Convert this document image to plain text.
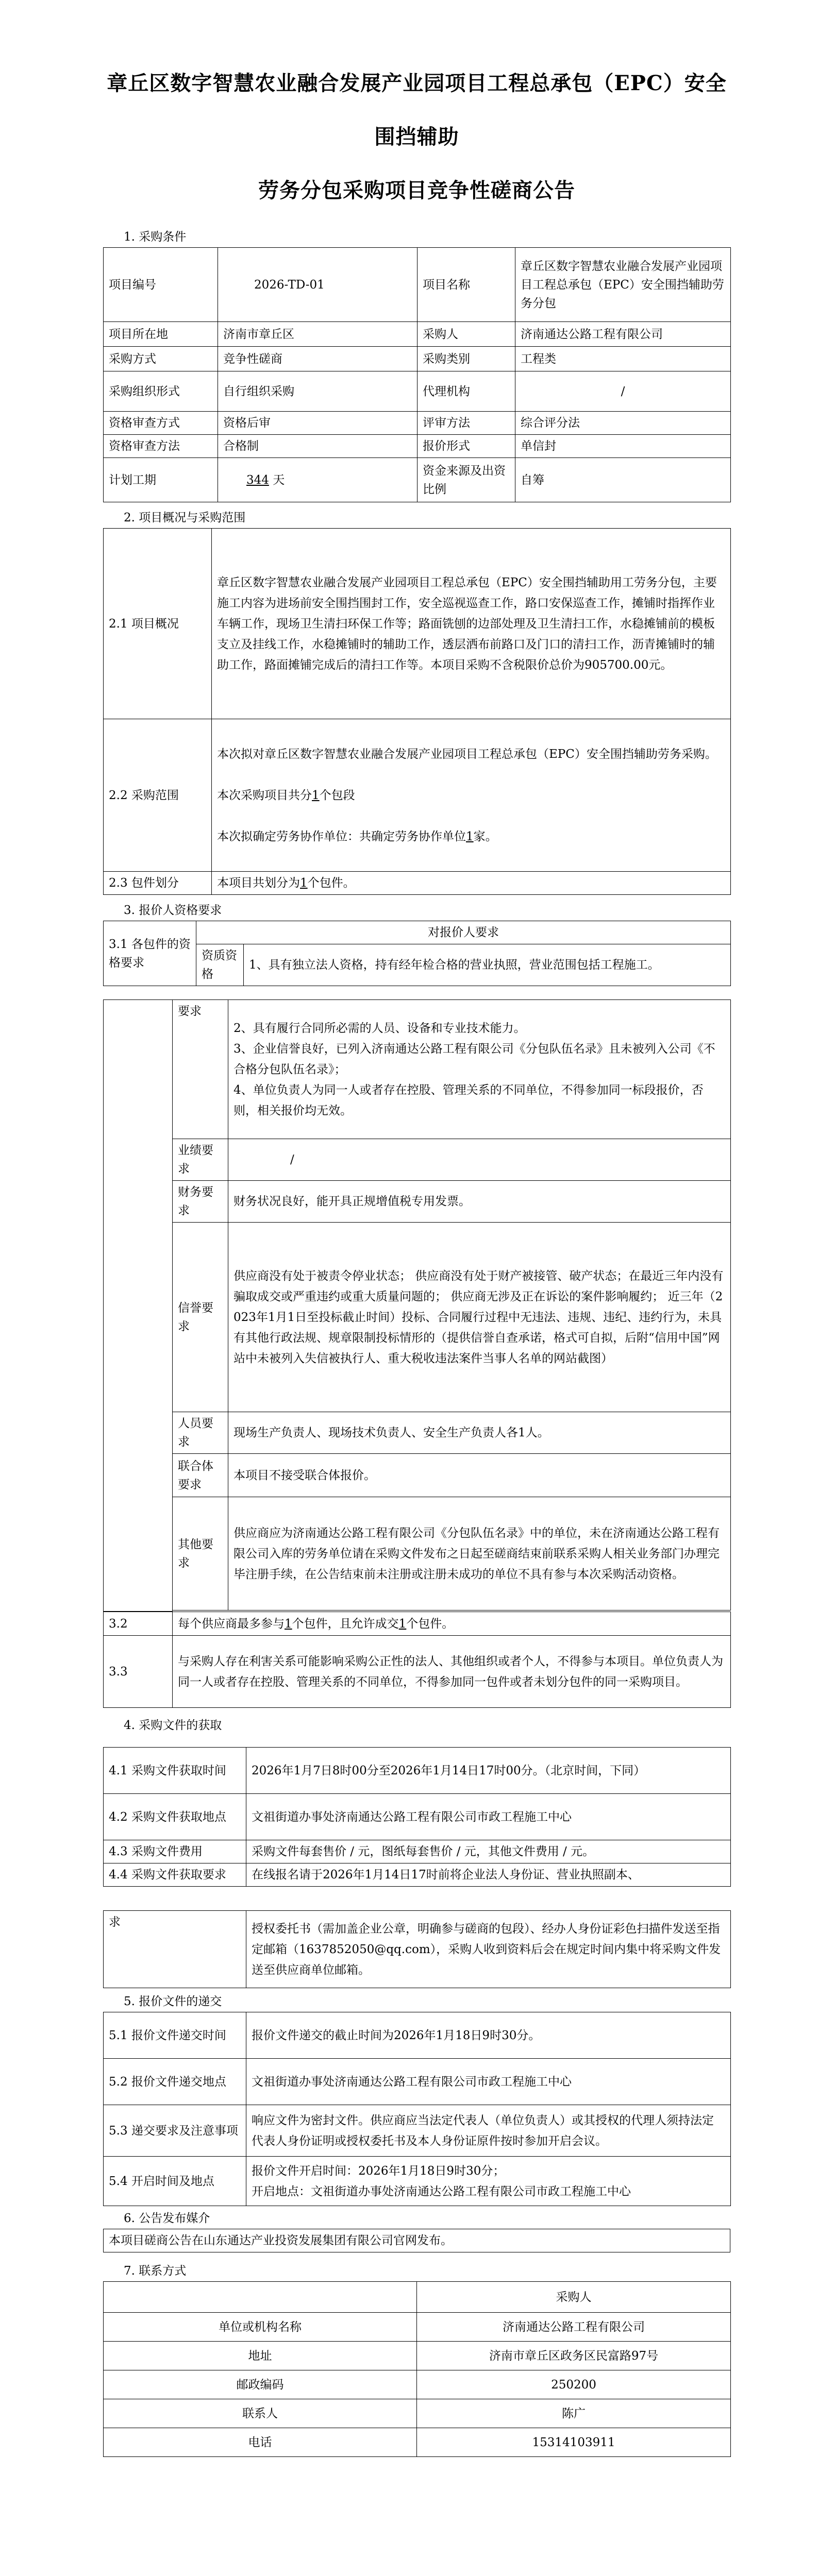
章丘区数字智慧农业融合发展产业园项目工程总承包（EPC）安全围挡辅助
劳务分包采购项目竞争性磋商公告
1. 采购条件
项目编号	2026-TD-01	项目名称	章丘区数字智慧农业融合发展产业园项目工程总承包（EPC）安全围挡辅助劳务分包
项目所在地	济南市章丘区	采购人	济南通达公路工程有限公司
采购方式	竞争性磋商	采购类别	工程类
采购组织形式	自行组织采购	代理机构	/
资格审查方式	资格后审	评审方法	综合评分法
资格审查方法	合格制	报价形式	单信封
计划工期	344 天	资金来源及出资比例	自筹
2. 项目概况与采购范围
2.1 项目概况	章丘区数字智慧农业融合发展产业园项目工程总承包（EPC）安全围挡辅助用工劳务分包，主要施工内容为进场前安全围挡围封工作，安全巡视巡查工作，路口安保巡查工作，摊铺时指挥作业车辆工作，现场卫生清扫环保工作等；路面铣刨的边部处理及卫生清扫工作，水稳摊铺前的模板支立及挂线工作，水稳摊铺时的辅助工作，透层洒布前路口及门口的清扫工作，沥青摊铺时的辅助工作，路面摊铺完成后的清扫工作等。本项目采购不含税限价总价为905700.00元。
2.2 采购范围	本次拟对章丘区数字智慧农业融合发展产业园项目工程总承包（EPC）安全围挡辅助劳务采购。
本次采购项目共分1个包段
本次拟确定劳务协作单位：共确定劳务协作单位1家。

2.3 包件划分	本项目共划分为1个包件。
3. 报价人资格要求
3.1 各包件的资格要求	对报价人要求	
	资质资格	1、具有独立法人资格，持有经年检合格的营业执照，营业范围包括工程施工。
	要求	2、具有履行合同所必需的人员、设备和专业技术能力。
3、企业信誉良好，已列入济南通达公路工程有限公司《分包队伍名录》且未被列入公司《不合格分包队伍名录》；
4、单位负责人为同一人或者存在控股、管理关系的不同单位，不得参加同一标段报价，否则，相关报价均无效。

	业绩要求	/
	财务要求	财务状况良好，能开具正规增值税专用发票。
	信誉要求	供应商没有处于被责令停业状态； 供应商没有处于财产被接管、破产状态；在最近三年内没有骗取成交或严重违约或重大质量问题的； 供应商无涉及正在诉讼的案件影响履约； 近三年（2023年1月1日至投标截止时间）投标、合同履行过程中无违法、违规、违纪、违约行为，未具有其他行政法规、规章限制投标情形的（提供信誉自查承诺，格式可自拟，后附“信用中国”网站中未被列入失信被执行人、重大税收违法案件当事人名单的网站截图）
	人员要求	现场生产负责人、现场技术负责人、安全生产负责人各1人。
	联合体要求	本项目不接受联合体报价。
	其他要求	供应商应为济南通达公路工程有限公司《分包队伍名录》中的单位，未在济南通达公路工程有限公司入库的劳务单位请在采购文件发布之日起至磋商结束前联系采购人相关业务部门办理完毕注册手续，在公告结束前未注册或注册未成功的单位不具有参与本次采购活动资格。

3.2	每个供应商最多参与1个包件，且允许成交1个包件。
3.3	与采购人存在利害关系可能影响采购公正性的法人、其他组织或者个人，不得参与本项目。单位负责人为同一人或者存在控股、管理关系的不同单位，不得参加同一包件或者未划分包件的同一采购项目。
4. 采购文件的获取
4.1 采购文件获取时间	2026年1月7日8时00分至2026年1月14日17时00分。（北京时间，下同）
4.2 采购文件获取地点	文祖街道办事处济南通达公路工程有限公司市政工程施工中心
4.3 采购文件费用	采购文件每套售价 / 元，图纸每套售价 / 元，其他文件费用 / 元。
4.4 采购文件获取要求	在线报名请于2026年1月14日17时前将企业法人身份证、营业执照副本、
求	授权委托书（需加盖企业公章，明确参与磋商的包段）、经办人身份证彩色扫描件发送至指定邮箱（1637852050@qq.com），采购人收到资料后会在规定时间内集中将采购文件发送至供应商单位邮箱。
5. 报价文件的递交
5.1 报价文件递交时间	报价文件递交的截止时间为2026年1月18日9时30分。
5.2 报价文件递交地点	文祖街道办事处济南通达公路工程有限公司市政工程施工中心
5.3 递交要求及注意事项	响应文件为密封文件。供应商应当法定代表人（单位负责人）或其授权的代理人须持法定代表人身份证明或授权委托书及本人身份证原件按时参加开启会议。
5.4 开启时间及地点	报价文件开启时间：2026年1月18日9时30分；
开启地点：文祖街道办事处济南通达公路工程有限公司市政工程施工中心
6. 公告发布媒介
本项目磋商公告在山东通达产业投资发展集团有限公司官网发布。
7. 联系方式
	采购人
单位或机构名称	济南通达公路工程有限公司
地址	济南市章丘区政务区民富路97号
邮政编码	250200
联系人	陈广
电话	15314103911
